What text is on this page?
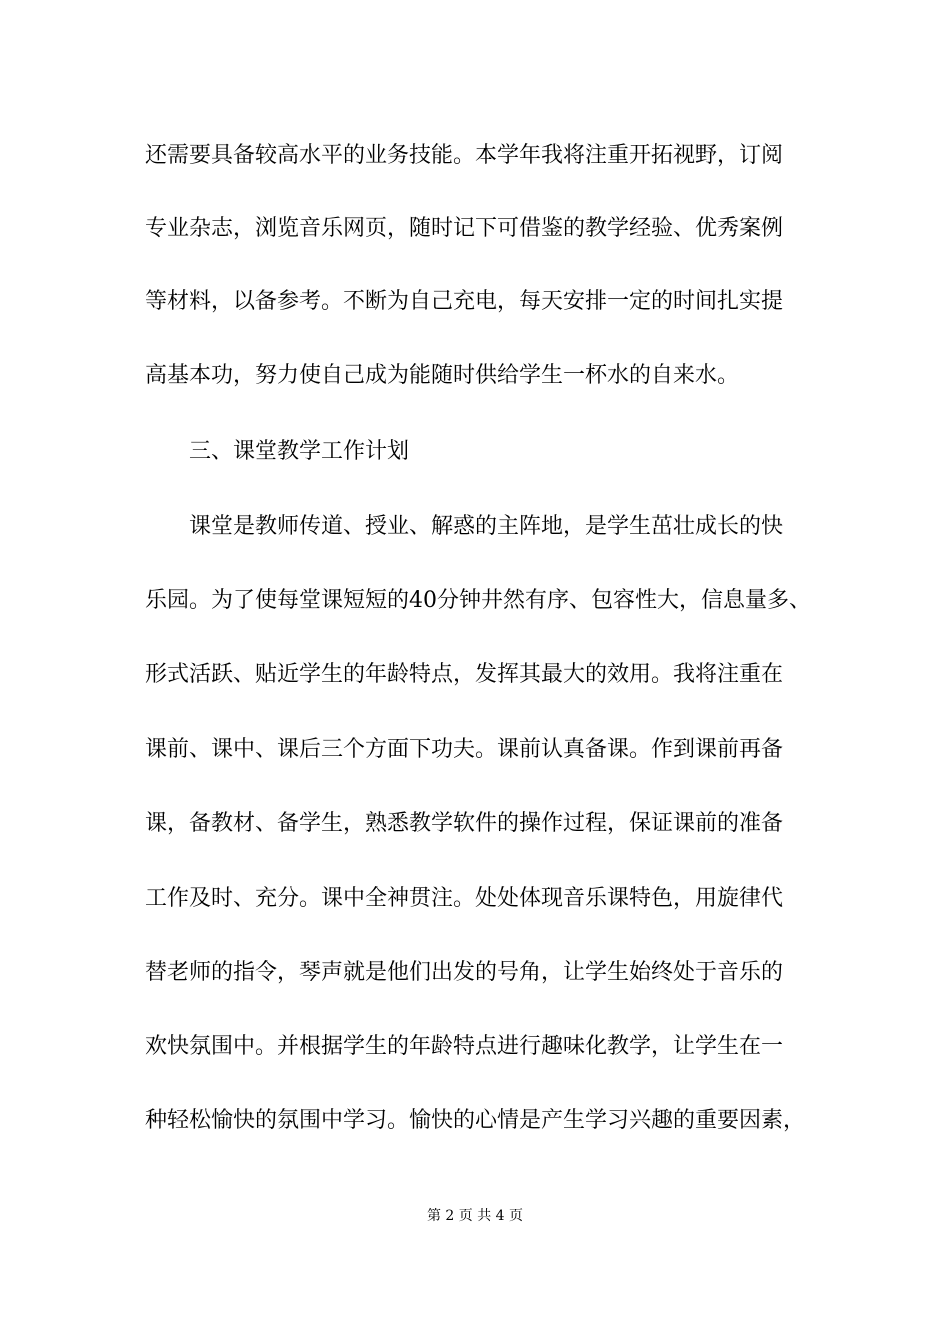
还需要具备较高水平的业务技能。本学年我将注重开拓视野，订阅
专业杂志，浏览音乐网页，随时记下可借鉴的教学经验、优秀案例
等材料，以备参考。不断为自己充电，每天安排一定的时间扎实提
高基本功，努力使自己成为能随时供给学生一杯水的自来水。
三、课堂教学工作计划
课堂是教师传道、授业、解惑的主阵地，是学生茁壮成长的快
乐园。为了使每堂课短短的40分钟井然有序、包容性大，信息量多、
形式活跃、贴近学生的年龄特点，发挥其最大的效用。我将注重在
课前、课中、课后三个方面下功夫。课前认真备课。作到课前再备
课，备教材、备学生，熟悉教学软件的操作过程，保证课前的准备
工作及时、充分。课中全神贯注。处处体现音乐课特色，用旋律代
替老师的指令，琴声就是他们出发的号角，让学生始终处于音乐的
欢快氛围中。并根据学生的年龄特点进行趣味化教学，让学生在一
种轻松愉快的氛围中学习。愉快的心情是产生学习兴趣的重要因素，
第 2 页 共 4 页
